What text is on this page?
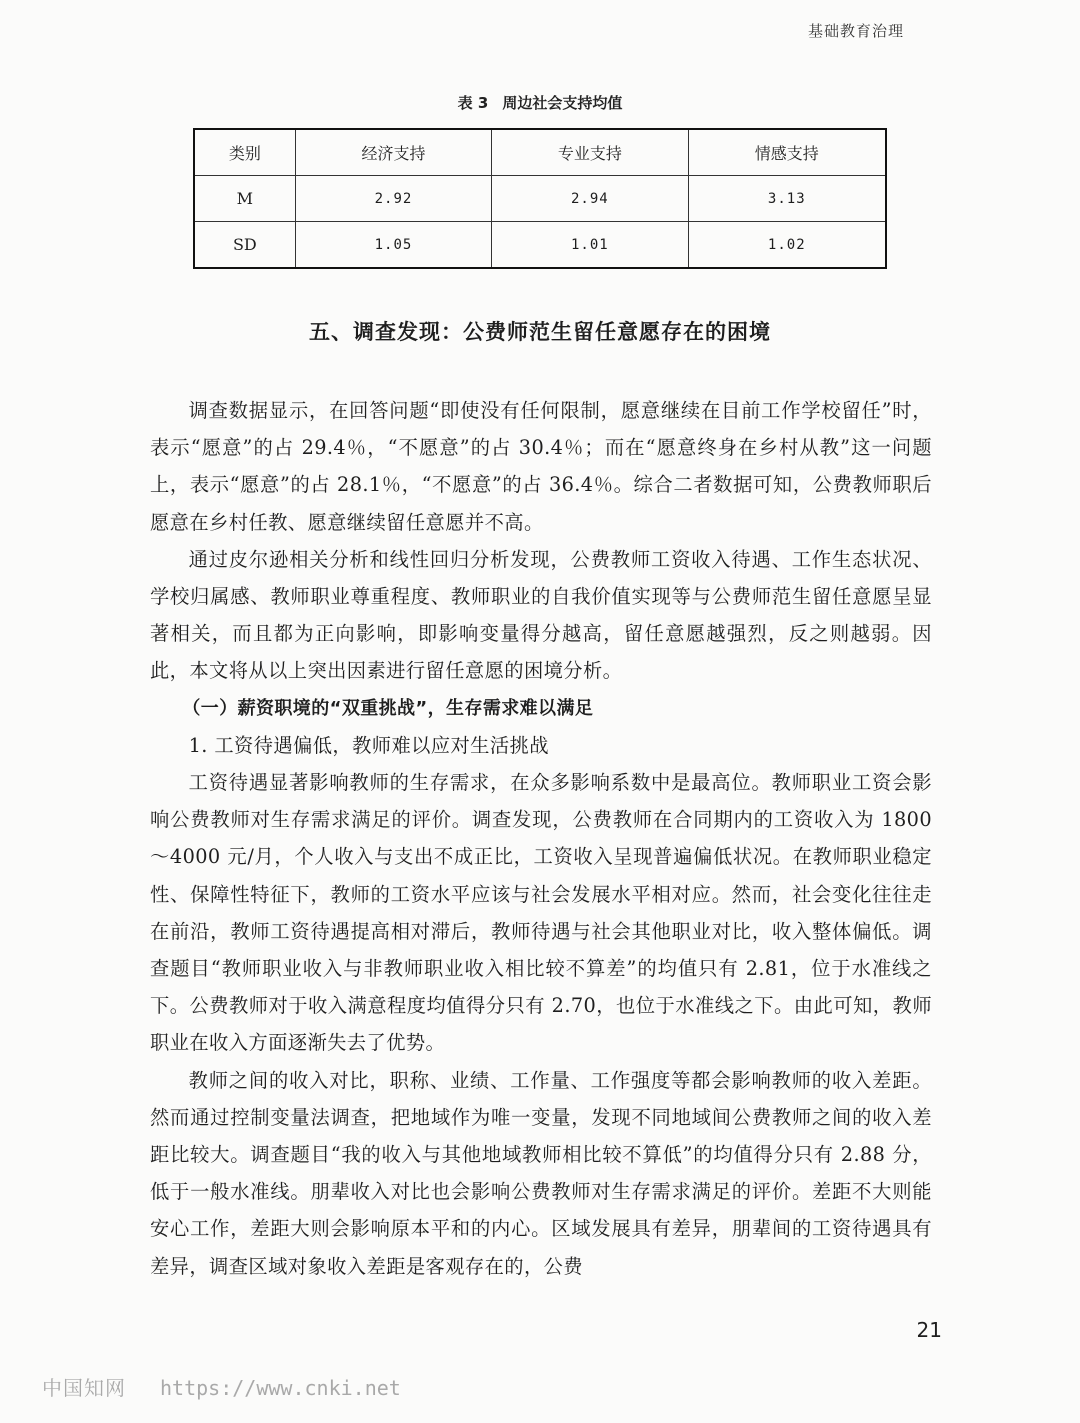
基础教育治理
表 3 周边社会支持均值
类别	经济支持	专业支持	情感支持
M	2.92	2.94	3.13
SD	1.05	1.01	1.02
五、调查发现：公费师范生留任意愿存在的困境

调查数据显示，在回答问题“即使没有任何限制，愿意继续在目前工作学校留任”时，表示“愿意”的占 29.4％，“不愿意”的占 30.4％；而在“愿意终身在乡村从教”这一问题上，表示“愿意”的占 28.1％，“不愿意”的占 36.4％。综合二者数据可知，公费教师职后愿意在乡村任教、愿意继续留任意愿并不高。

通过皮尔逊相关分析和线性回归分析发现，公费教师工资收入待遇、工作生态状况、学校归属感、教师职业尊重程度、教师职业的自我价值实现等与公费师范生留任意愿呈显著相关，而且都为正向影响，即影响变量得分越高，留任意愿越强烈，反之则越弱。因此，本文将从以上突出因素进行留任意愿的困境分析。

（一）薪资职境的“双重挑战”，生存需求难以满足

1. 工资待遇偏低，教师难以应对生活挑战

工资待遇显著影响教师的生存需求，在众多影响系数中是最高位。教师职业工资会影响公费教师对生存需求满足的评价。调查发现，公费教师在合同期内的工资收入为 1800～4000 元/月，个人收入与支出不成正比，工资收入呈现普遍偏低状况。在教师职业稳定性、保障性特征下，教师的工资水平应该与社会发展水平相对应。然而，社会变化往往走在前沿，教师工资待遇提高相对滞后，教师待遇与社会其他职业对比，收入整体偏低。调查题目“教师职业收入与非教师职业收入相比较不算差”的均值只有 2.81，位于水准线之下。公费教师对于收入满意程度均值得分只有 2.70，也位于水准线之下。由此可知，教师职业在收入方面逐渐失去了优势。

教师之间的收入对比，职称、业绩、工作量、工作强度等都会影响教师的收入差距。然而通过控制变量法调查，把地域作为唯一变量，发现不同地域间公费教师之间的收入差距比较大。调查题目“我的收入与其他地域教师相比较不算低”的均值得分只有 2.88 分，低于一般水准线。朋辈收入对比也会影响公费教师对生存需求满足的评价。差距不大则能安心工作，差距大则会影响原本平和的内心。区域发展具有差异，朋辈间的工资待遇具有差异，调查区域对象收入差距是客观存在的，公费

21
中国知网 https://www.cnki.net
